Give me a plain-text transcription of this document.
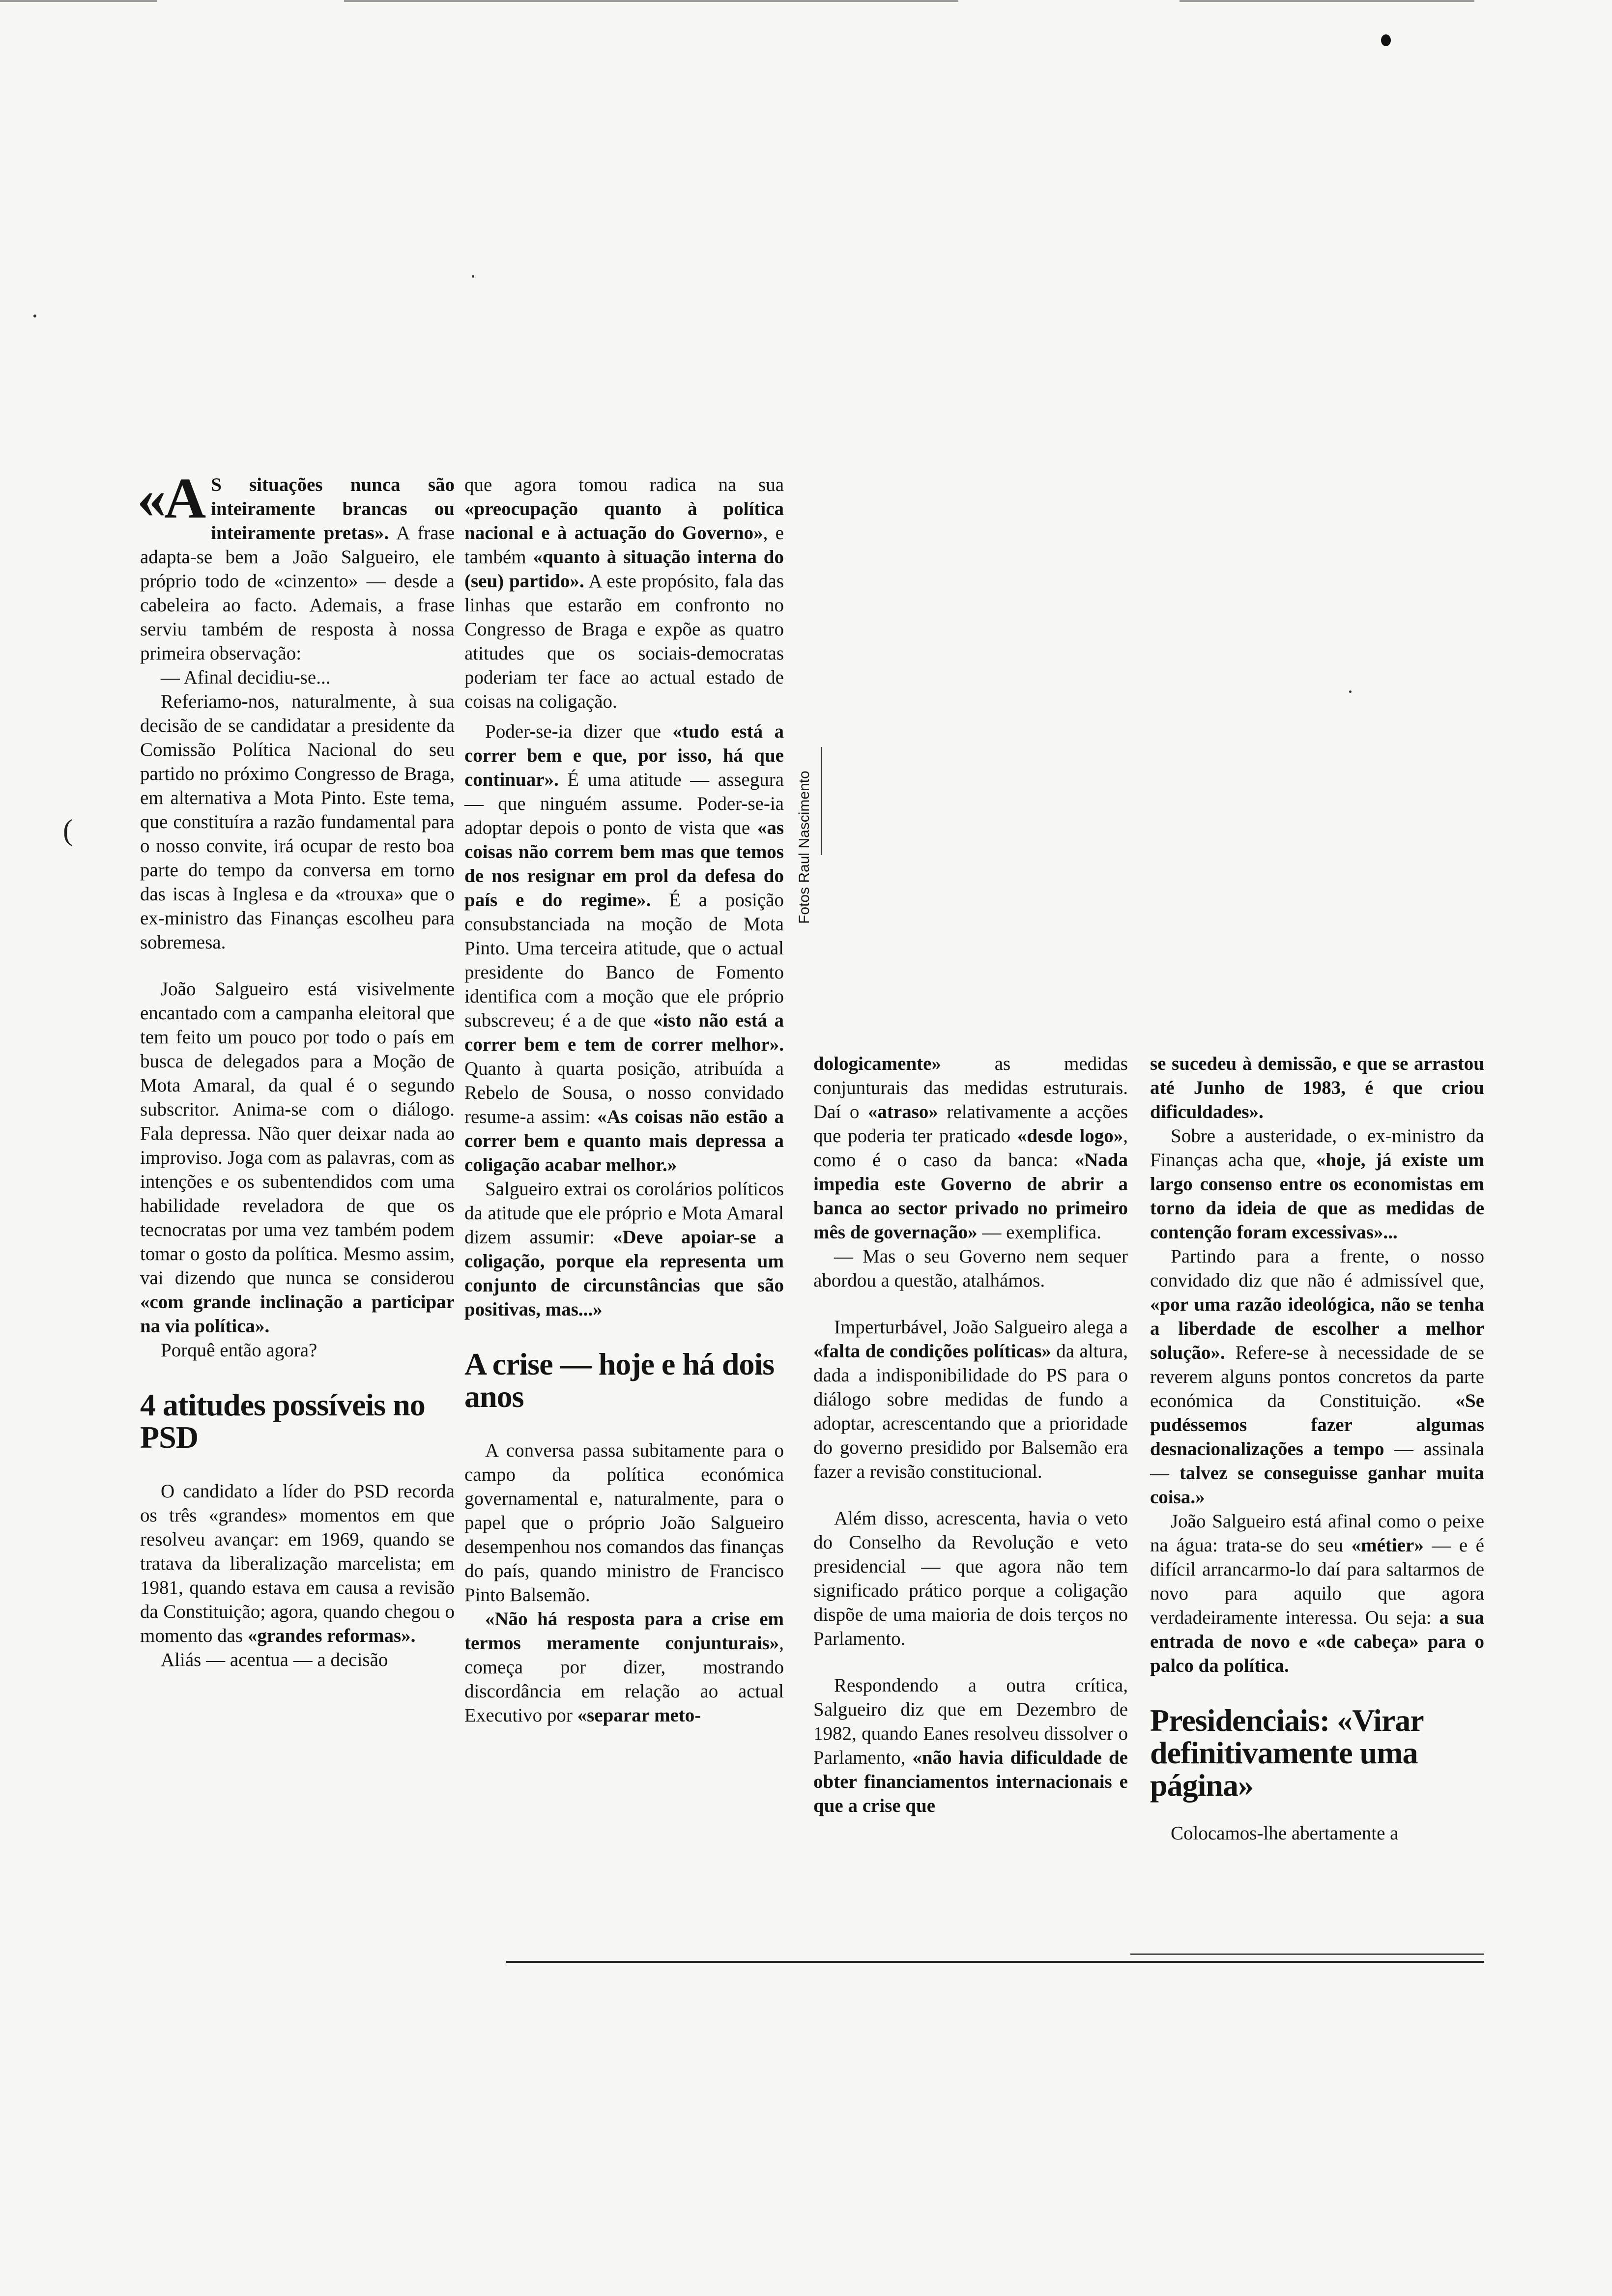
(	Fotos Raul Nascimento

«A S situações nunca são inteiramente brancas ou inteiramente pretas». A frase adapta-se bem a João Salgueiro, ele próprio todo de «cinzento» — desde a cabeleira ao facto. Ademais, a frase serviu também de resposta à nossa primeira observação:

— Afinal decidiu-se...

Referiamo-nos, naturalmente, à sua decisão de se candidatar a presidente da Comissão Política Nacional do seu partido no próximo Congresso de Braga, em alternativa a Mota Pinto. Este tema, que constituíra a razão fundamental para o nosso convite, irá ocupar de resto boa parte do tempo da conversa em torno das iscas à Inglesa e da «trouxa» que o ex-ministro das Finanças escolheu para sobremesa.

João Salgueiro está visivelmente encantado com a campanha eleitoral que tem feito um pouco por todo o país em busca de delegados para a Moção de Mota Amaral, da qual é o segundo subscritor. Anima-se com o diálogo. Fala depressa. Não quer deixar nada ao improviso. Joga com as palavras, com as intenções e os subentendidos com uma habilidade reveladora de que os tecnocratas por uma vez também podem tomar o gosto da política. Mesmo assim, vai dizendo que nunca se considerou «com grande inclinação a participar na via política».

Porquê então agora?

4 atitudes possíveis no PSD

O candidato a líder do PSD recorda os três «grandes» momentos em que resolveu avançar: em 1969, quando se tratava da liberalização marcelista; em 1981, quando estava em causa a revisão da Constituição; agora, quando chegou o momento das «grandes reformas».

Aliás — acentua — a decisão

que agora tomou radica na sua «preocupação quanto à política nacional e à actuação do Governo», e também «quanto à situação interna do (seu) partido». A este propósito, fala das linhas que estarão em confronto no Congresso de Braga e expõe as quatro atitudes que os sociais-democratas poderiam ter face ao actual estado de coisas na coligação.

Poder-se-ia dizer que «tudo está a correr bem e que, por isso, há que continuar». É uma atitude — assegura — que ninguém assume. Poder-se-ia adoptar depois o ponto de vista que «as coisas não correm bem mas que temos de nos resignar em prol da defesa do país e do regime». É a posição consubstanciada na moção de Mota Pinto. Uma terceira atitude, que o actual presidente do Banco de Fomento identifica com a moção que ele próprio subscreveu; é a de que «isto não está a correr bem e tem de correr melhor». Quanto à quarta posição, atribuída a Rebelo de Sousa, o nosso convidado resume-a assim: «As coisas não estão a correr bem e quanto mais depressa a coligação acabar melhor.»

Salgueiro extrai os corolários políticos da atitude que ele próprio e Mota Amaral dizem assumir: «Deve apoiar-se a coligação, porque ela representa um conjunto de circunstâncias que são positivas, mas...»

A crise — hoje e há dois anos

A conversa passa subitamente para o campo da política económica governamental e, naturalmente, para o papel que o próprio João Salgueiro desempenhou nos comandos das finanças do país, quando ministro de Francisco Pinto Balsemão.

«Não há resposta para a crise em termos meramente conjunturais», começa por dizer, mostrando discordância em relação ao actual Executivo por «separar meto-

dologicamente» as medidas conjunturais das medidas estruturais. Daí o «atraso» relativamente a acções que poderia ter praticado «desde logo», como é o caso da banca: «Nada impedia este Governo de abrir a banca ao sector privado no primeiro mês de governação» — exemplifica.

— Mas o seu Governo nem sequer abordou a questão, atalhámos.

Imperturbável, João Salgueiro alega a «falta de condições políticas» da altura, dada a indisponibilidade do PS para o diálogo sobre medidas de fundo a adoptar, acrescentando que a prioridade do governo presidido por Balsemão era fazer a revisão constitucional.

Além disso, acrescenta, havia o veto do Conselho da Revolução e veto presidencial — que agora não tem significado prático porque a coligação dispõe de uma maioria de dois terços no Parlamento.

Respondendo a outra crítica, Salgueiro diz que em Dezembro de 1982, quando Eanes resolveu dissolver o Parlamento, «não havia dificuldade de obter financiamentos internacionais e que a crise que

se sucedeu à demissão, e que se arrastou até Junho de 1983, é que criou dificuldades».

Sobre a austeridade, o ex-ministro da Finanças acha que, «hoje, já existe um largo consenso entre os economistas em torno da ideia de que as medidas de contenção foram excessivas»...

Partindo para a frente, o nosso convidado diz que não é admissível que, «por uma razão ideológica, não se tenha a liberdade de escolher a melhor solução». Refere-se à necessidade de se reverem alguns pontos concretos da parte económica da Constituição. «Se pudéssemos fazer algumas desnacionalizações a tempo — assinala — talvez se conseguisse ganhar muita coisa.»

João Salgueiro está afinal como o peixe na água: trata-se do seu «métier» — e é difícil arrancarmo-lo daí para saltarmos de novo para aquilo que agora verdadeiramente interessa. Ou seja: a sua entrada de novo e «de cabeça» para o palco da política.

Presidenciais: «Virar definitivamente uma página»

Colocamos-lhe abertamente a
